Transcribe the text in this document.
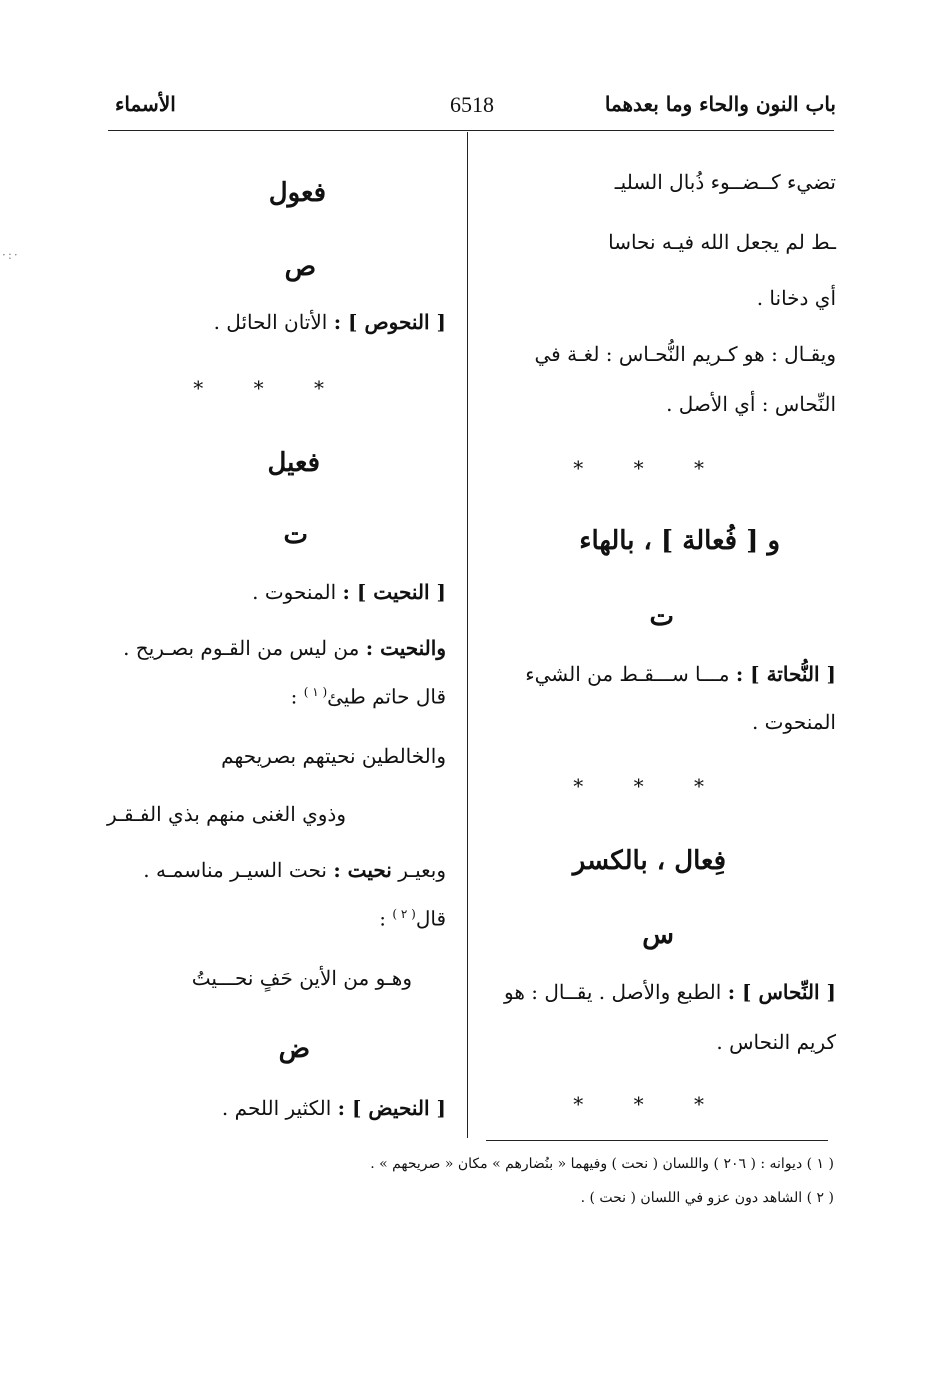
باب النون والحاء وما بعدهما
6518
الأسماء
·:·
تضيء كــضــوء ذُبال السليـ
ـط لم يجعل الله فيـه نحاسا
أي دخانا .
ويقـال : هو كـريم النُّحـاس : لغـة في
النِّحاس : أي الأصل .
* * *
و [ فُعالة ] ، بالهاء
ت
[ النُّحاتة ] : مـــا ســـقـط من الشيء
المنحوت .
* * *
فِعال ، بالكسر
س
[ النِّحاس ] : الطبع والأصل . يقــال : هو
كريم النحاس .
* * *
فعول
ص
[ النحوص ] : الأتان الحائل .
* * *
فعيل
ت
[ النحيت ] : المنحوت .
والنحيت : من ليس من القـوم بصـريح .
قال حاتم طيئ$^{( ١ )}$ :
والخالطين نحيتهم بصريحهم
وذوي الغنى منهم بذي الفـقـر
وبعيـر نحيت : نحت السيـر مناسمـه .
قال$^{( ٢ )}$ :
وهـو من الأين حَفٍ نحـــيتُ
ض
[ النحيض ] : الكثير اللحم .
( ١ ) ديوانه : ( ٢٠٦ ) واللسان ( نحت ) وفيهما « بنُضارهم » مكان « صريحهم » .
( ٢ ) الشاهد دون عزو في اللسان ( نحت ) .
